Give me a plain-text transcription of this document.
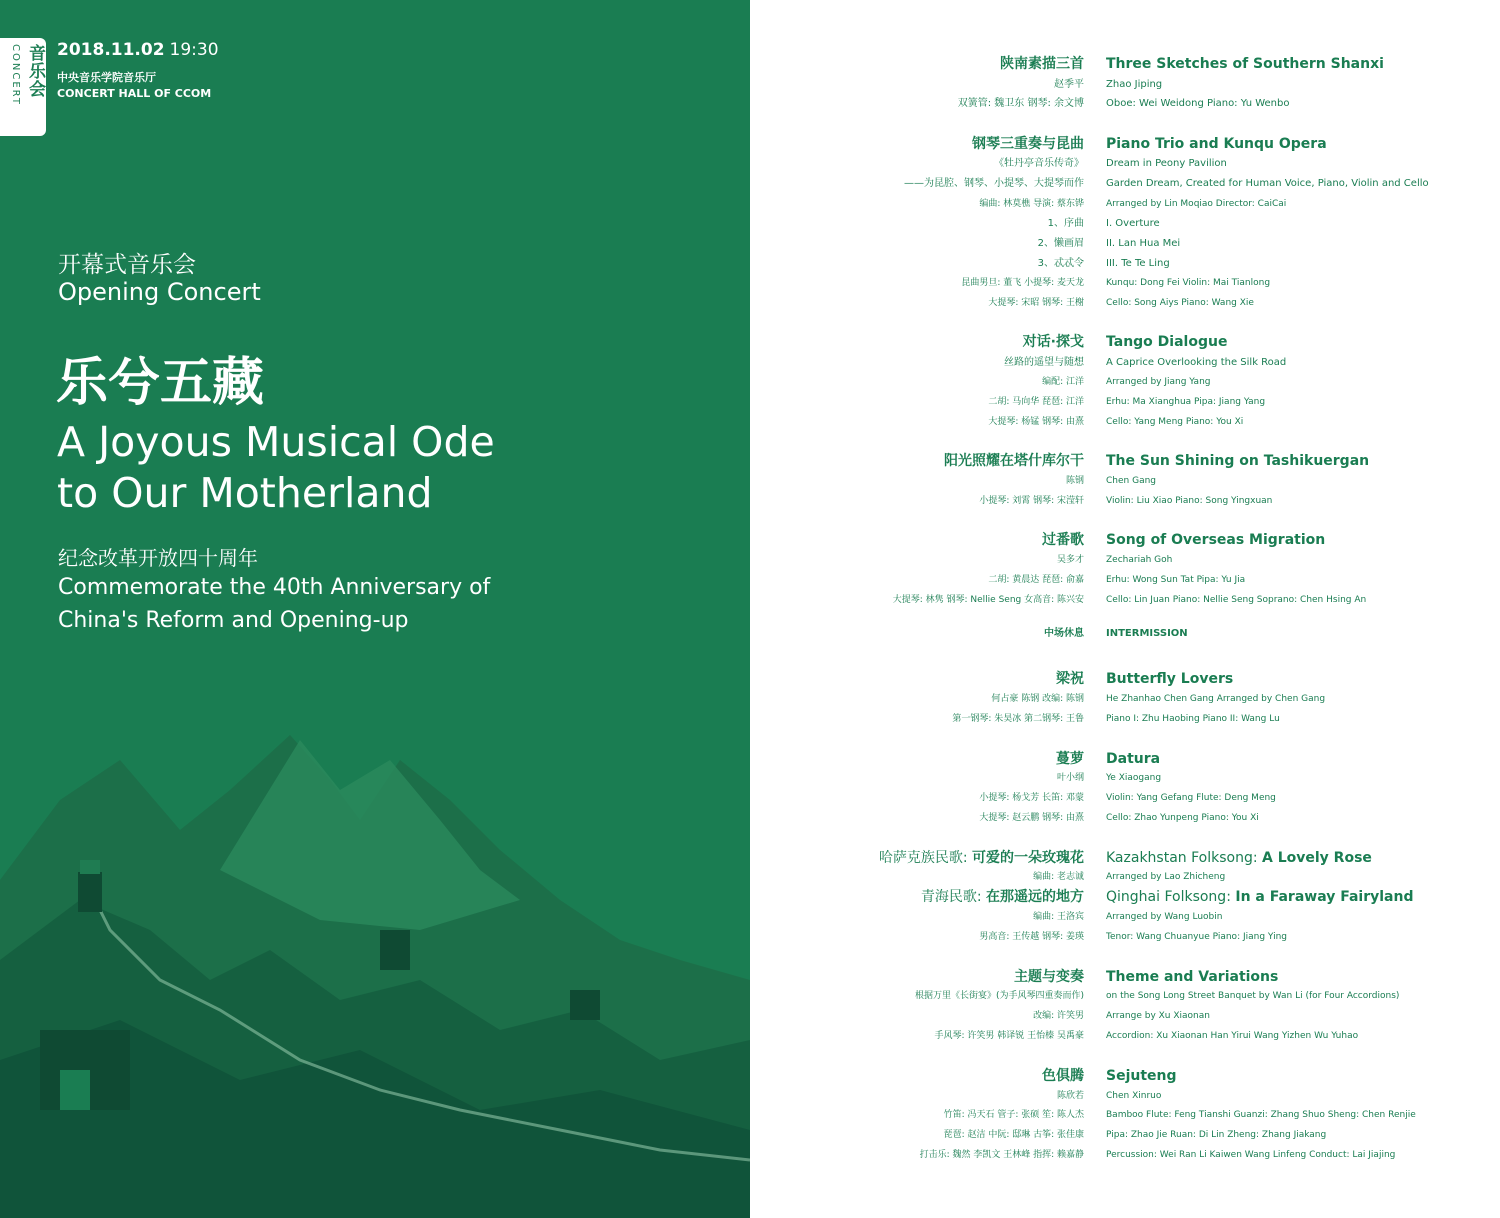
音乐会 CONCERT	2018.11.02 19:30
中央音乐学院音乐厅
CONCERT HALL OF CCOM
开幕式音乐会
Opening Concert
乐兮五藏
A Joyous Musical Ode
to Our Motherland
纪念改革开放四十周年
Commemorate the 40th Anniversary of
China's Reform and Opening-up
陕南素描三首 Three Sketches of Southern Shanxi
赵季平 Zhao Jiping
双簧管: 魏卫东 钢琴: 余文博 Oboe: Wei Weidong Piano: Yu Wenbo
钢琴三重奏与昆曲 Piano Trio and Kunqu Opera
《牡丹亭音乐传奇》 Dream in Peony Pavilion
——为昆腔、钢琴、小提琴、大提琴而作 Garden Dream, Created for Human Voice, Piano, Violin and Cello
编曲: 林莫樵 导演: 蔡东铧 Arranged by Lin Moqiao Director: CaiCai
1、序曲 I. Overture
2、懒画眉 II. Lan Hua Mei
3、忒忒令 III. Te Te Ling
昆曲男旦: 董飞 小提琴: 麦天龙 Kunqu: Dong Fei Violin: Mai Tianlong
大提琴: 宋昭 钢琴: 王榭 Cello: Song Aiys Piano: Wang Xie
对话·探戈 Tango Dialogue
丝路的遥望与随想 A Caprice Overlooking the Silk Road
编配: 江洋 Arranged by Jiang Yang
二胡: 马向华 琵琶: 江洋 Erhu: Ma Xianghua Pipa: Jiang Yang
大提琴: 杨锰 钢琴: 由熹 Cello: Yang Meng Piano: You Xi
阳光照耀在塔什库尔干 The Sun Shining on Tashikuergan
陈钢 Chen Gang
小提琴: 刘霄 钢琴: 宋滢轩 Violin: Liu Xiao Piano: Song Yingxuan
过番歌 Song of Overseas Migration
吴多才 Zechariah Goh
二胡: 黄晨达 琵琶: 俞嘉 Erhu: Wong Sun Tat Pipa: Yu Jia
大提琴: 林隽 钢琴: Nellie Seng 女高音: 陈兴安 Cello: Lin Juan Piano: Nellie Seng Soprano: Chen Hsing An
中场休息 INTERMISSION
梁祝 Butterfly Lovers
何占豪 陈钢 改编: 陈钢 He Zhanhao Chen Gang Arranged by Chen Gang
第一钢琴: 朱昊冰 第二钢琴: 王鲁 Piano I: Zhu Haobing Piano II: Wang Lu
蔓萝 Datura
叶小纲 Ye Xiaogang
小提琴: 杨戈芳 长笛: 邓蒙 Violin: Yang Gefang Flute: Deng Meng
大提琴: 赵云鹏 钢琴: 由熹 Cello: Zhao Yunpeng Piano: You Xi
哈萨克族民歌: 可爱的一朵玫瑰花 Kazakhstan Folksong: A Lovely Rose
编曲: 老志诚 Arranged by Lao Zhicheng
青海民歌: 在那遥远的地方 Qinghai Folksong: In a Faraway Fairyland
编曲: 王洛宾 Arranged by Wang Luobin
男高音: 王传越 钢琴: 姜瑛 Tenor: Wang Chuanyue Piano: Jiang Ying
主题与变奏 Theme and Variations
根据万里《长街宴》(为手风琴四重奏而作) on the Song Long Street Banquet by Wan Li (for Four Accordions)
改编: 许笑男 Arrange by Xu Xiaonan
手风琴: 许笑男 韩译锐 王怡榛 吴禹豪 Accordion: Xu Xiaonan Han Yirui Wang Yizhen Wu Yuhao
色俱腾 Sejuteng
陈欣若 Chen Xinruo
竹笛: 冯天石 管子: 张硕 笙: 陈人杰 Bamboo Flute: Feng Tianshi Guanzi: Zhang Shuo Sheng: Chen Renjie
琵琶: 赵洁 中阮: 邸琳 古筝: 张佳康 Pipa: Zhao Jie Ruan: Di Lin Zheng: Zhang Jiakang
打击乐: 魏然 李凯文 王林峰 指挥: 赖嘉静 Percussion: Wei Ran Li Kaiwen Wang Linfeng Conduct: Lai Jiajing
